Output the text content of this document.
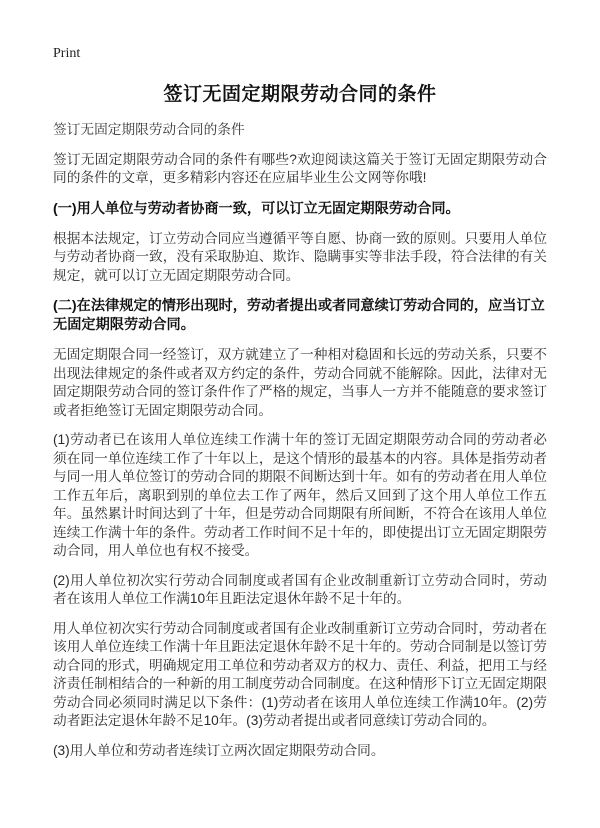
Print
签订无固定期限劳动合同的条件
签订无固定期限劳动合同的条件

签订无固定期限劳动合同的条件有哪些?欢迎阅读这篇关于签订无固定期限劳动合同的条件的文章，更多精彩内容还在应届毕业生公文网等你哦!

(一)用人单位与劳动者协商一致，可以订立无固定期限劳动合同。

根据本法规定，订立劳动合同应当遵循平等自愿、协商一致的原则。只要用人单位与劳动者协商一致，没有采取胁迫、欺诈、隐瞒事实等非法手段，符合法律的有关规定，就可以订立无固定期限劳动合同。

(二)在法律规定的情形出现时，劳动者提出或者同意续订劳动合同的，应当订立无固定期限劳动合同。

无固定期限合同一经签订，双方就建立了一种相对稳固和长远的劳动关系，只要不出现法律规定的条件或者双方约定的条件，劳动合同就不能解除。因此，法律对无固定期限劳动合同的签订条件作了严格的规定，当事人一方并不能随意的要求签订或者拒绝签订无固定期限劳动合同。

(1)劳动者已在该用人单位连续工作满十年的签订无固定期限劳动合同的劳动者必须在同一单位连续工作了十年以上，是这个情形的最基本的内容。具体是指劳动者与同一用人单位签订的劳动合同的期限不间断达到十年。如有的劳动者在用人单位工作五年后，离职到别的单位去工作了两年，然后又回到了这个用人单位工作五年。虽然累计时间达到了十年，但是劳动合同期限有所间断，不符合在该用人单位连续工作满十年的条件。劳动者工作时间不足十年的，即使提出订立无固定期限劳动合同，用人单位也有权不接受。

(2)用人单位初次实行劳动合同制度或者国有企业改制重新订立劳动合同时，劳动者在该用人单位工作满10年且距法定退休年龄不足十年的。

用人单位初次实行劳动合同制度或者国有企业改制重新订立劳动合同时，劳动者在该用人单位连续工作满十年且距法定退休年龄不足十年的。劳动合同制是以签订劳动合同的形式，明确规定用工单位和劳动者双方的权力、责任、利益，把用工与经济责任制相结合的一种新的用工制度劳动合同制度。在这种情形下订立无固定期限劳动合同必须同时满足以下条件：(1)劳动者在该用人单位连续工作满10年。(2)劳动者距法定退休年龄不足10年。(3)劳动者提出或者同意续订劳动合同的。

(3)用人单位和劳动者连续订立两次固定期限劳动合同。
